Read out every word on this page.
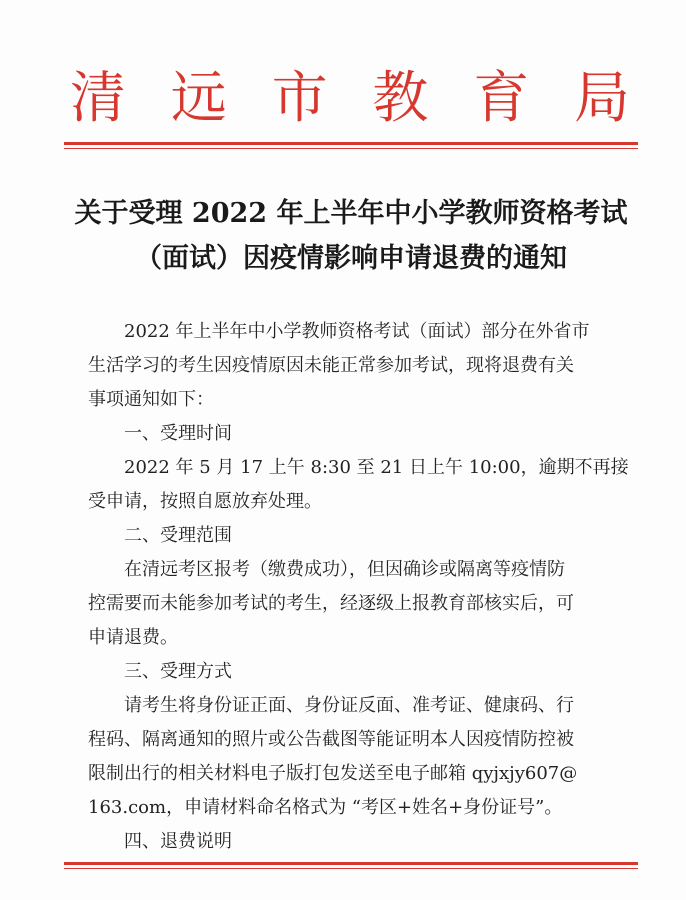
清 远 市 教 育 局
关于受理 2022 年上半年中小学教师资格考试
（面试）因疫情影响申请退费的通知
2022 年上半年中小学教师资格考试（面试）部分在外省市
生活学习的考生因疫情原因未能正常参加考试，现将退费有关
事项通知如下：
一、受理时间
2022 年 5 月 17 上午 8:30 至 21 日上午 10:00，逾期不再接
受申请，按照自愿放弃处理。
二、受理范围
在清远考区报考（缴费成功），但因确诊或隔离等疫情防
控需要而未能参加考试的考生，经逐级上报教育部核实后，可
申请退费。
三、受理方式
请考生将身份证正面、身份证反面、准考证、健康码、行
程码、隔离通知的照片或公告截图等能证明本人因疫情防控被
限制出行的相关材料电子版打包发送至电子邮箱 qyjxjy607@
163.com，申请材料命名格式为 “考区+姓名+身份证号”。
四、退费说明
